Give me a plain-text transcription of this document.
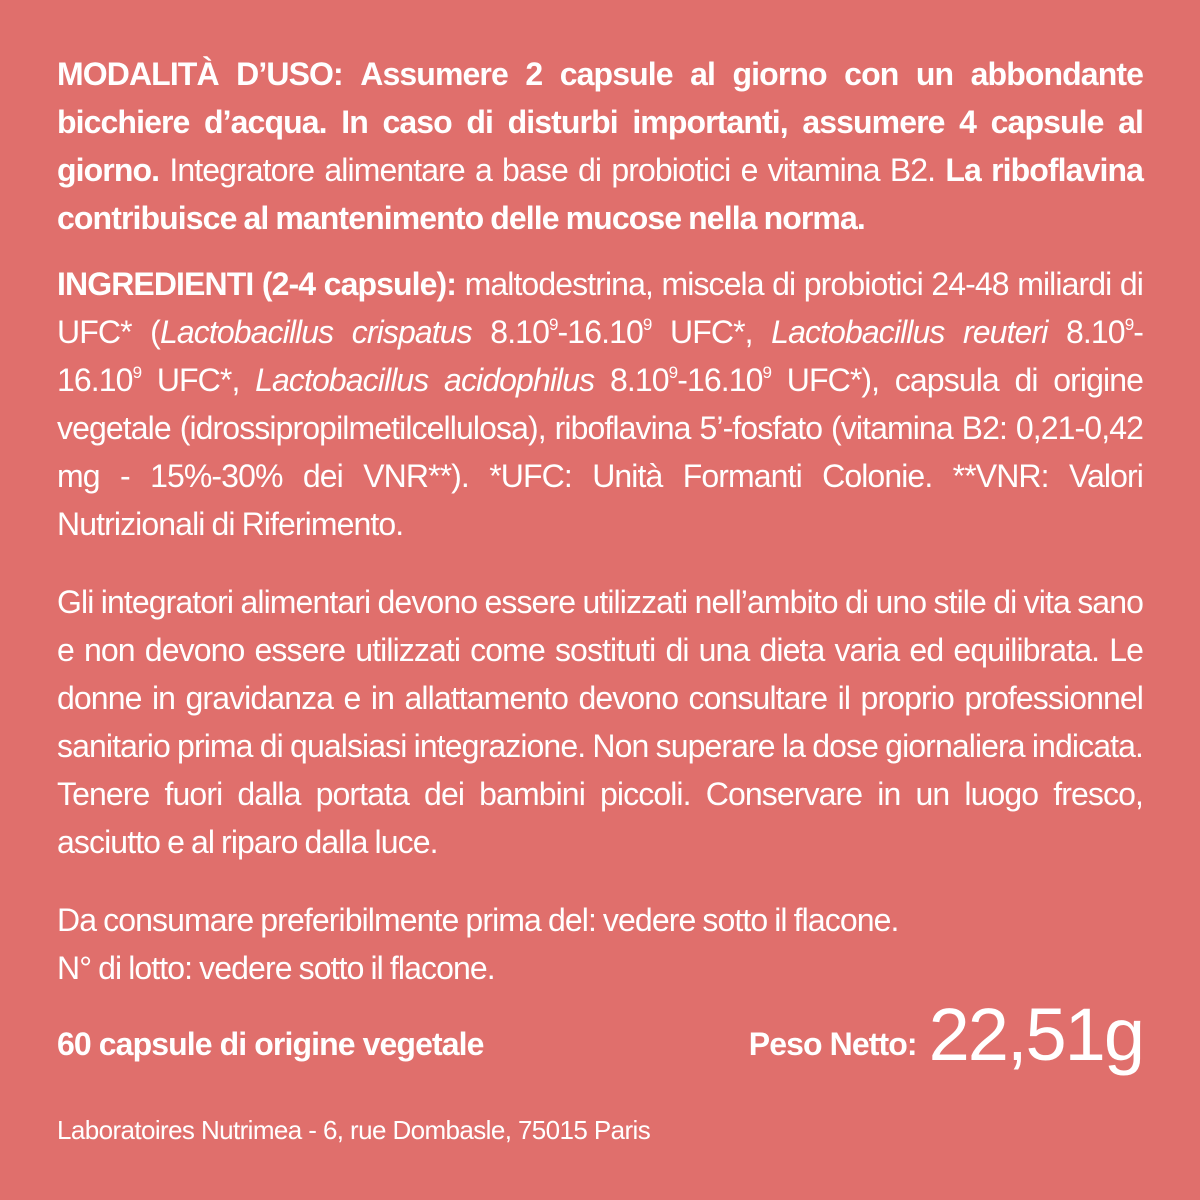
MODALITÀ D’USO: Assumere 2 capsule al giorno con un abbondante bicchiere d’acqua. In caso di disturbi importanti, assumere 4 capsule al giorno. Integratore alimentare a base di probiotici e vitamina B2. La riboflavina contribuisce al mantenimento delle mucose nella norma.

INGREDIENTI (2-4 capsule): maltodestrina, miscela di probiotici 24-48 miliardi di UFC* (Lactobacillus crispatus 8.10$^9$-16.10$^9$ UFC*, Lactobacillus reuteri 8.10$^9$-16.10$^9$ UFC*, Lactobacillus acidophilus 8.10$^9$-16.10$^9$ UFC*), capsula di origine vegetale (idrossipropilmetilcellulosa), riboflavina 5’-fosfato (vitamina B2: 0,21-0,42 mg - 15%-30% dei VNR**). *UFC: Unità Formanti Colonie. **VNR: Valori Nutrizionali di Riferimento.

Gli integratori alimentari devono essere utilizzati nell’ambito di uno stile di vita sano e non devono essere utilizzati come sostituti di una dieta varia ed equilibrata. Le donne in gravidanza e in allattamento devono consultare il proprio professionnel sanitario prima di qualsiasi integrazione. Non superare la dose giornaliera indicata. Tenere fuori dalla portata dei bambini piccoli. Conservare in un luogo fresco, asciutto e al riparo dalla luce.

Da consumare preferibilmente prima del: vedere sotto il flacone.

N° di lotto: vedere sotto il flacone.

60 capsule di origine vegetale	Peso Netto: 22,51g

Laboratoires Nutrimea - 6, rue Dombasle, 75015 Paris
